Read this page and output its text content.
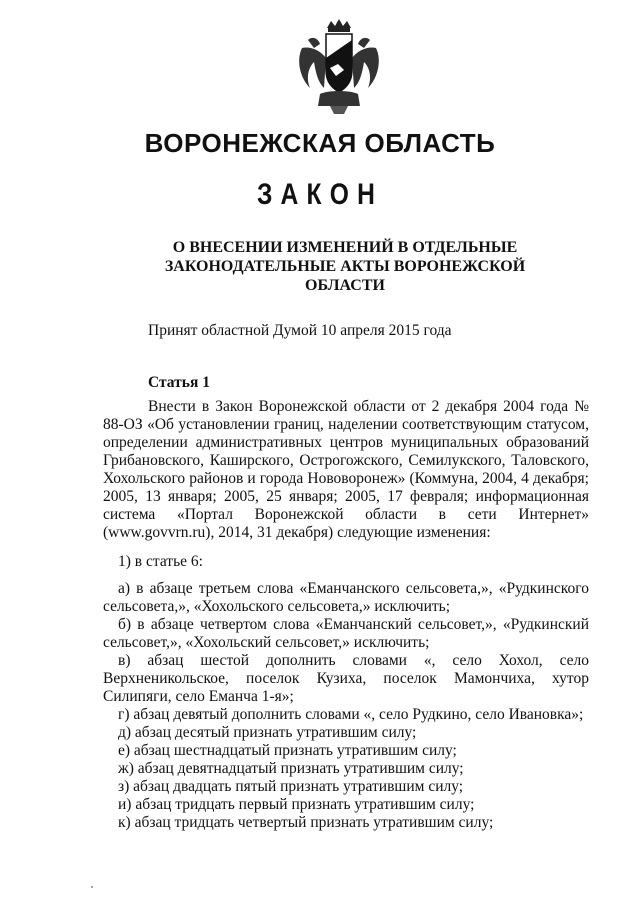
ВОРОНЕЖСКАЯ ОБЛАСТЬ
ЗАКОН
О ВНЕСЕНИИ ИЗМЕНЕНИЙ В ОТДЕЛЬНЫЕ ЗАКОНОДАТЕЛЬНЫЕ АКТЫ ВОРОНЕЖСКОЙ ОБЛАСТИ
Принят областной Думой 10 апреля 2015 года
Статья 1
Внести в Закон Воронежской области от 2 декабря 2004 года № 88-ОЗ «Об установлении границ, наделении соответствующим статусом, определении административных центров муниципальных образований Грибановского, Каширского, Острогожского, Семилукского, Таловского, Хохольского районов и города Нововоронеж» (Коммуна, 2004, 4 декабря; 2005, 13 января; 2005, 25 января; 2005, 17 февраля; информационная система «Портал Воронежской области в сети Интернет» (www.govvrn.ru), 2014, 31 декабря) следующие изменения:

1) в статье 6:

а) в абзаце третьем слова «Еманчанского сельсовета,», «Рудкинского сельсовета,», «Хохольского сельсовета,» исключить;

б) в абзаце четвертом слова «Еманчанский сельсовет,», «Рудкинский сельсовет,», «Хохольский сельсовет,» исключить;

в) абзац шестой дополнить словами «, село Хохол, село Верхненикольское, поселок Кузиха, поселок Мамончиха, хутор Силипяги, село Еманча 1-я»;

г) абзац девятый дополнить словами «, село Рудкино, село Ивановка»;

д) абзац десятый признать утратившим силу;

е) абзац шестнадцатый признать утратившим силу;

ж) абзац девятнадцатый признать утратившим силу;

з) абзац двадцать пятый признать утратившим силу;

и) абзац тридцать первый признать утратившим силу;

к) абзац тридцать четвертый признать утратившим силу;
